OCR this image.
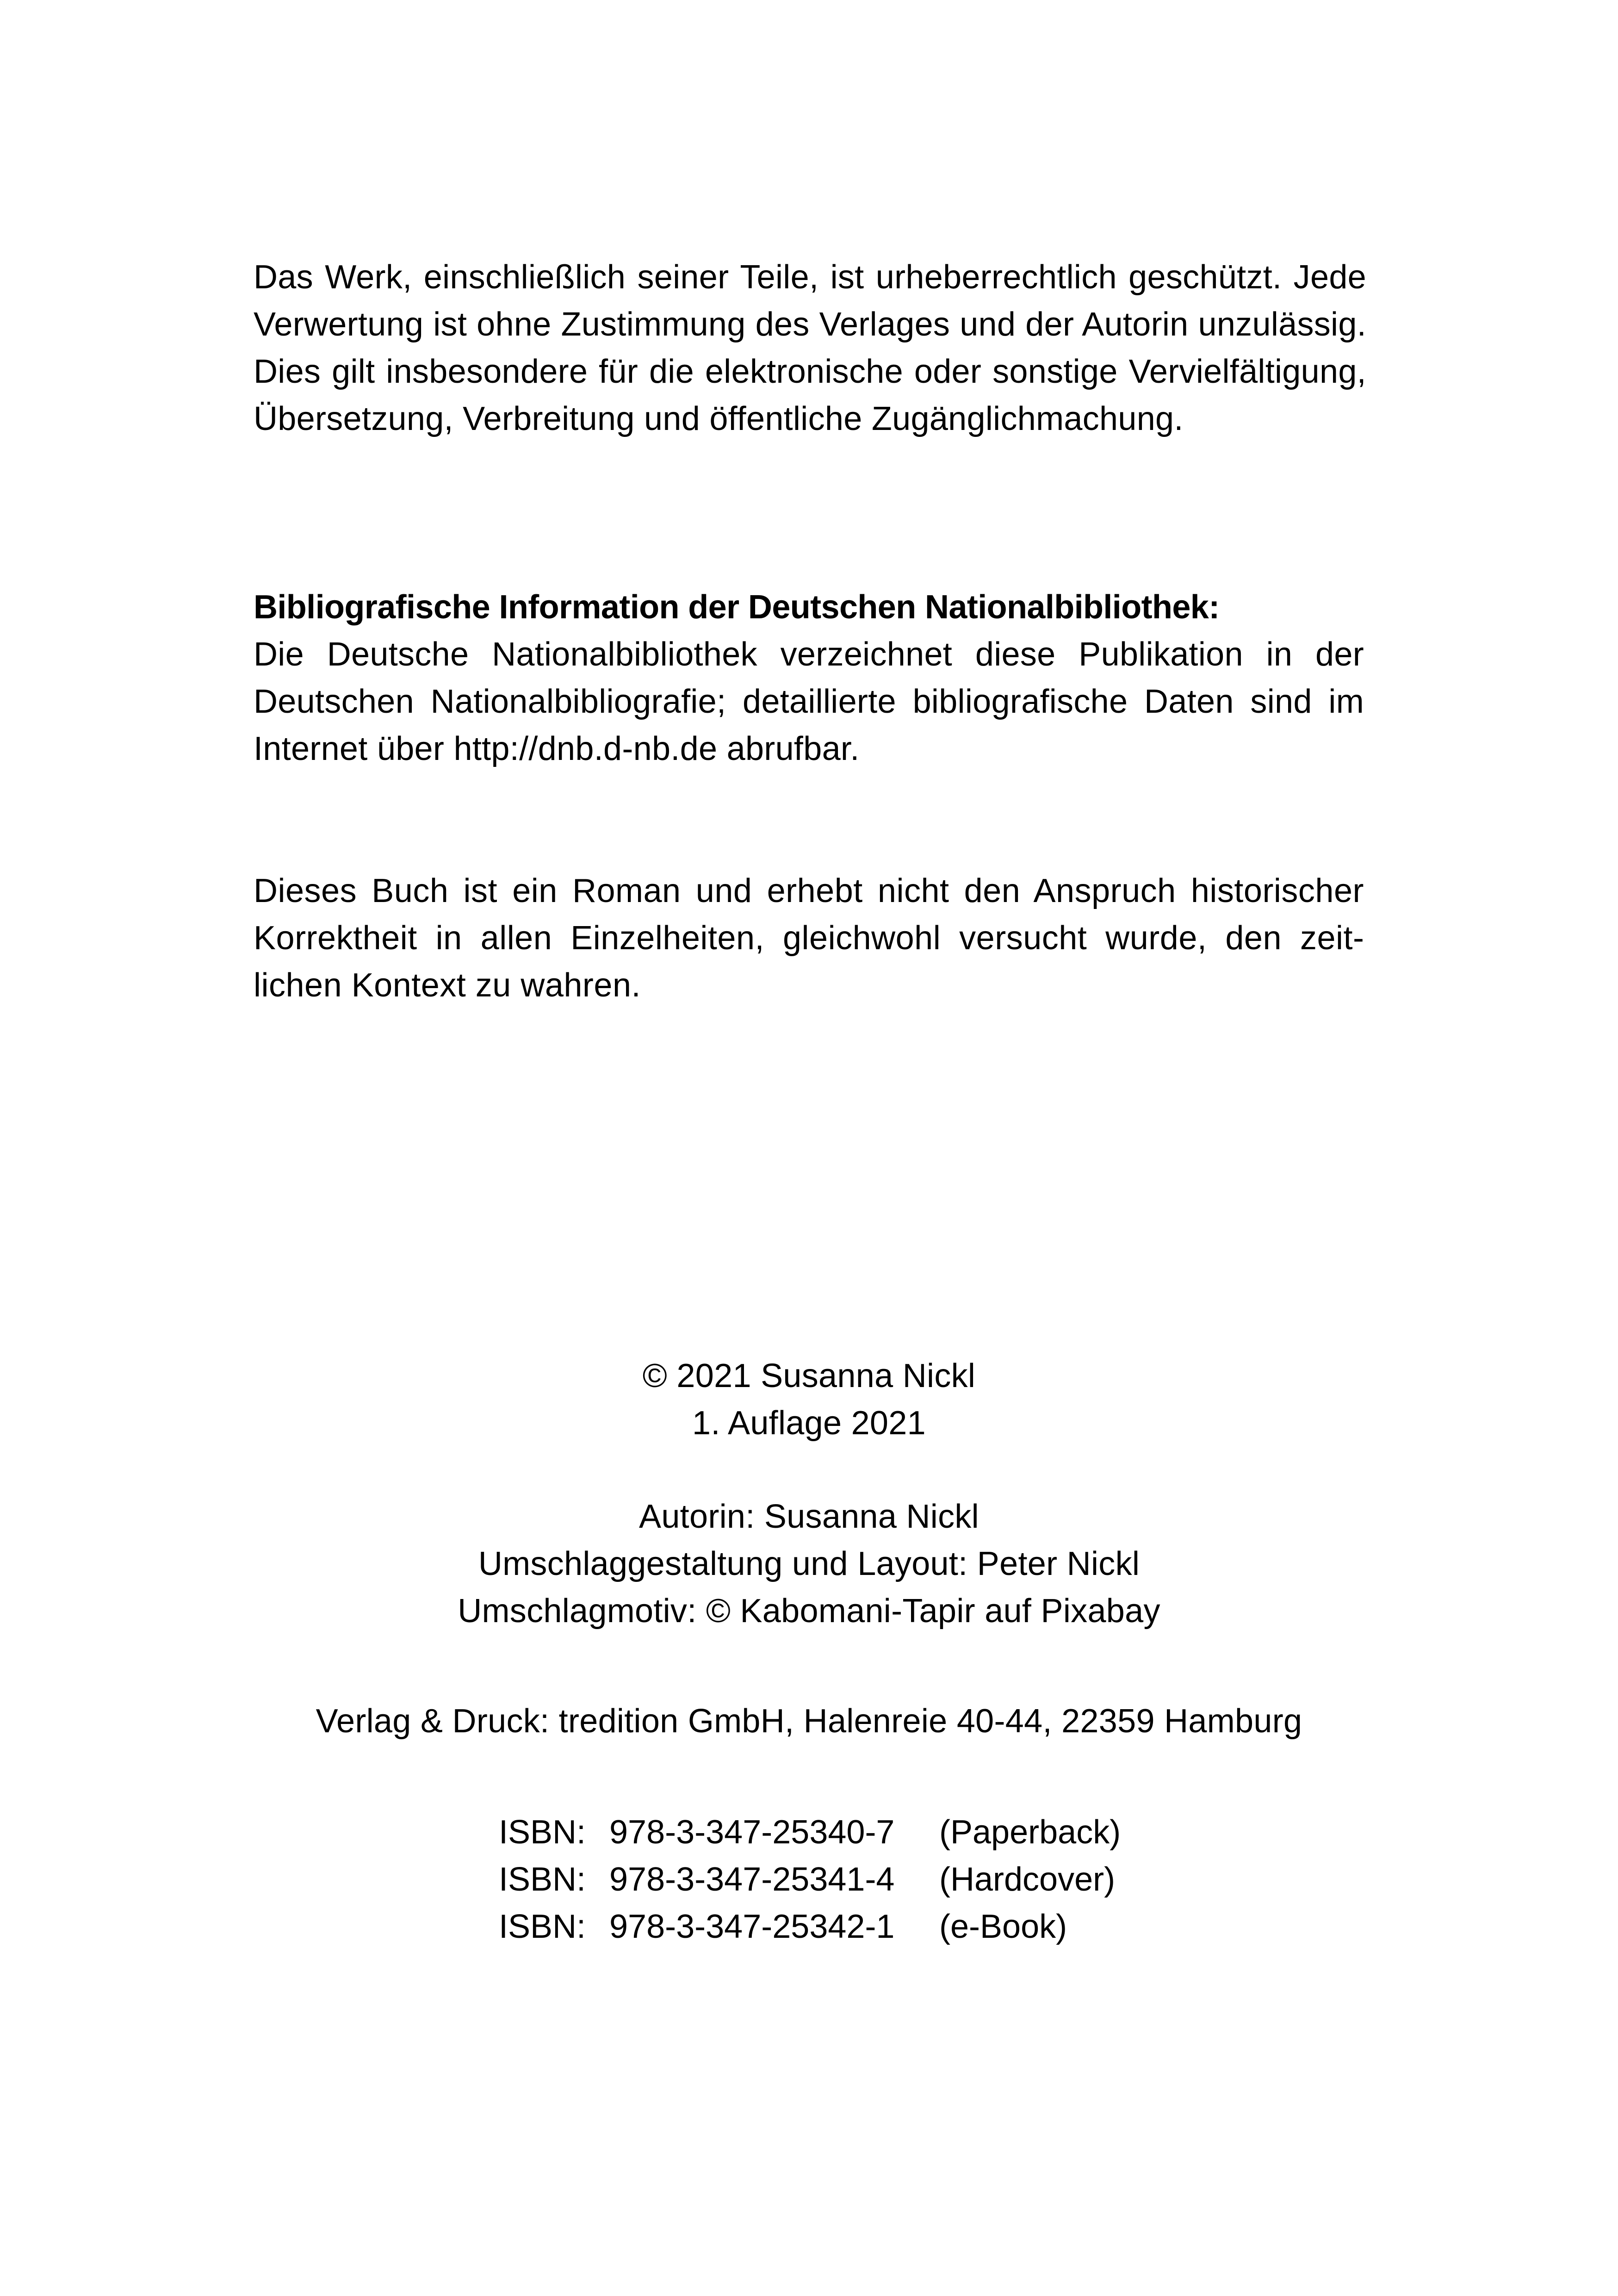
Das Werk, einschließlich seiner Teile, ist urheberrechtlich geschützt. Jede Verwertung ist ohne Zustimmung des Verlages und der Autorin unzulässig. Dies gilt insbesondere für die elektronische oder sonstige Vervielfältigung, Übersetzung, Verbreitung und öffentliche Zugänglichmachung.

Bibliografische Information der Deutschen Nationalbibliothek:

Die Deutsche Nationalbibliothek verzeichnet diese Publikation in der Deutschen Nationalbibliografie; detaillierte bibliografische Daten sind im Internet über http://dnb.d-nb.de abrufbar.

Dieses Buch ist ein Roman und erhebt nicht den Anspruch historischer Korrektheit in allen Einzelheiten, gleichwohl versucht wurde, den zeitlichen Kontext zu wahren.

© 2021 Susanna Nickl

1. Auflage 2021

Autorin: Susanna Nickl

Umschlaggestaltung und Layout: Peter Nickl

Umschlagmotiv: © Kabomani-Tapir auf Pixabay

Verlag & Druck: tredition GmbH, Halenreie 40-44, 22359 Hamburg

ISBN:	978-3-347-25340-7	(Paperback)
ISBN:	978-3-347-25341-4	(Hardcover)
ISBN:	978-3-347-25342-1	(e-Book)
